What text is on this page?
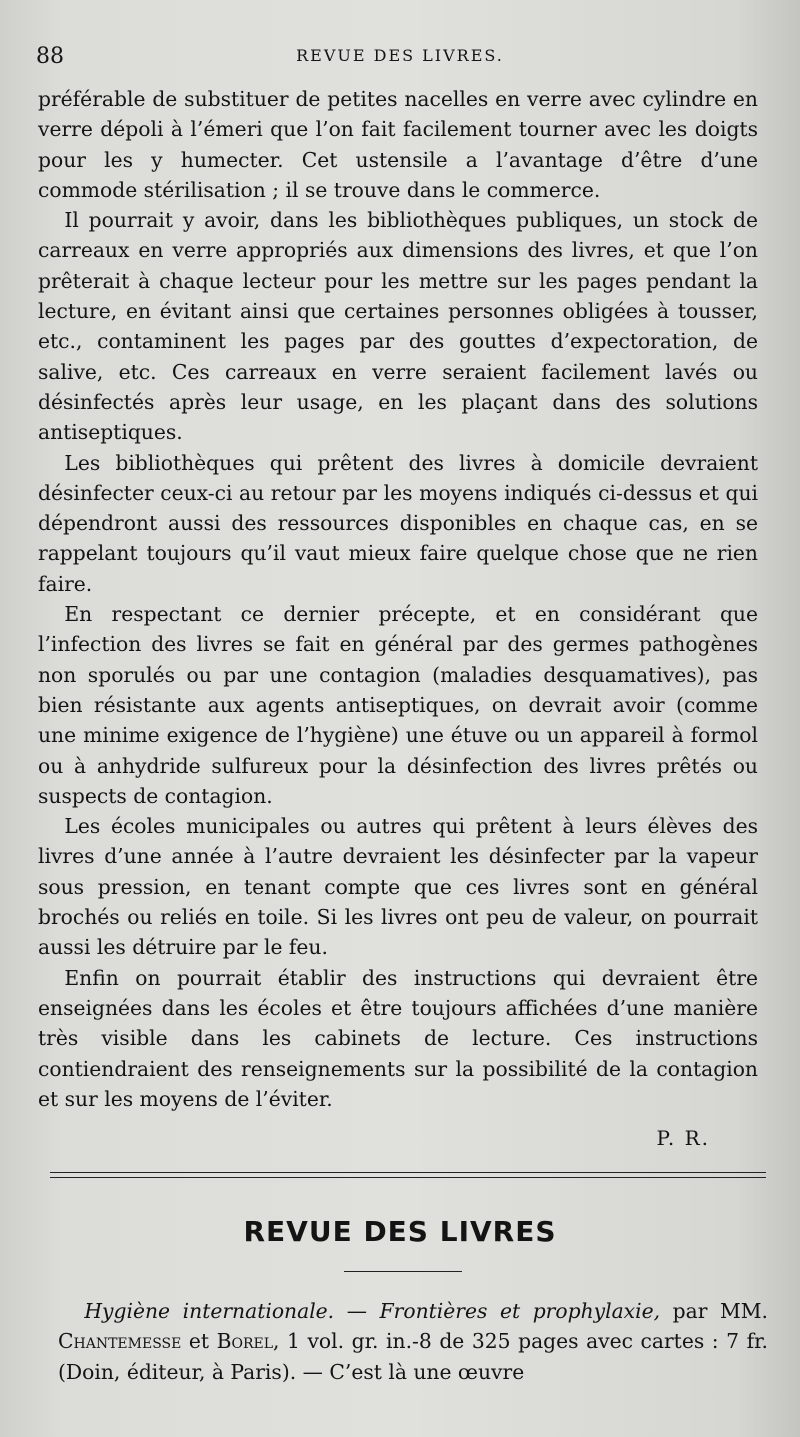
88	REVUE DES LIVRES.

préférable de substituer de petites nacelles en verre avec cylindre en verre dépoli à l’émeri que l’on fait facilement tourner avec les doigts pour les y humecter. Cet ustensile a l’avantage d’être d’une commode stérilisation ; il se trouve dans le commerce.

Il pourrait y avoir, dans les bibliothèques publiques, un stock de carreaux en verre appropriés aux dimensions des livres, et que l’on prêterait à chaque lecteur pour les mettre sur les pages pendant la lecture, en évitant ainsi que certaines personnes obligées à tousser, etc., contaminent les pages par des gouttes d’expectoration, de salive, etc. Ces carreaux en verre seraient facilement lavés ou désinfectés après leur usage, en les plaçant dans des solutions antiseptiques.

Les bibliothèques qui prêtent des livres à domicile devraient désinfecter ceux-ci au retour par les moyens indiqués ci-dessus et qui dépendront aussi des ressources disponibles en chaque cas, en se rappelant toujours qu’il vaut mieux faire quelque chose que ne rien faire.

En respectant ce dernier précepte, et en considérant que l’infection des livres se fait en général par des germes pathogènes non sporulés ou par une contagion (maladies desquamatives), pas bien résistante aux agents antiseptiques, on devrait avoir (comme une minime exigence de l’hygiène) une étuve ou un appareil à formol ou à anhydride sulfureux pour la désinfection des livres prêtés ou suspects de contagion.

Les écoles municipales ou autres qui prêtent à leurs élèves des livres d’une année à l’autre devraient les désinfecter par la vapeur sous pression, en tenant compte que ces livres sont en général brochés ou reliés en toile. Si les livres ont peu de valeur, on pourrait aussi les détruire par le feu.

Enfin on pourrait établir des instructions qui devraient être enseignées dans les écoles et être toujours affichées d’une manière très visible dans les cabinets de lecture. Ces instructions contiendraient des renseignements sur la possibilité de la contagion et sur les moyens de l’éviter.

P. R.
REVUE DES LIVRES
Hygiène internationale. — Frontières et prophylaxie, par MM. Chantemesse et Borel, 1 vol. gr. in.-8 de 325 pages avec cartes : 7 fr. (Doin, éditeur, à Paris). — C’est là une œuvre
